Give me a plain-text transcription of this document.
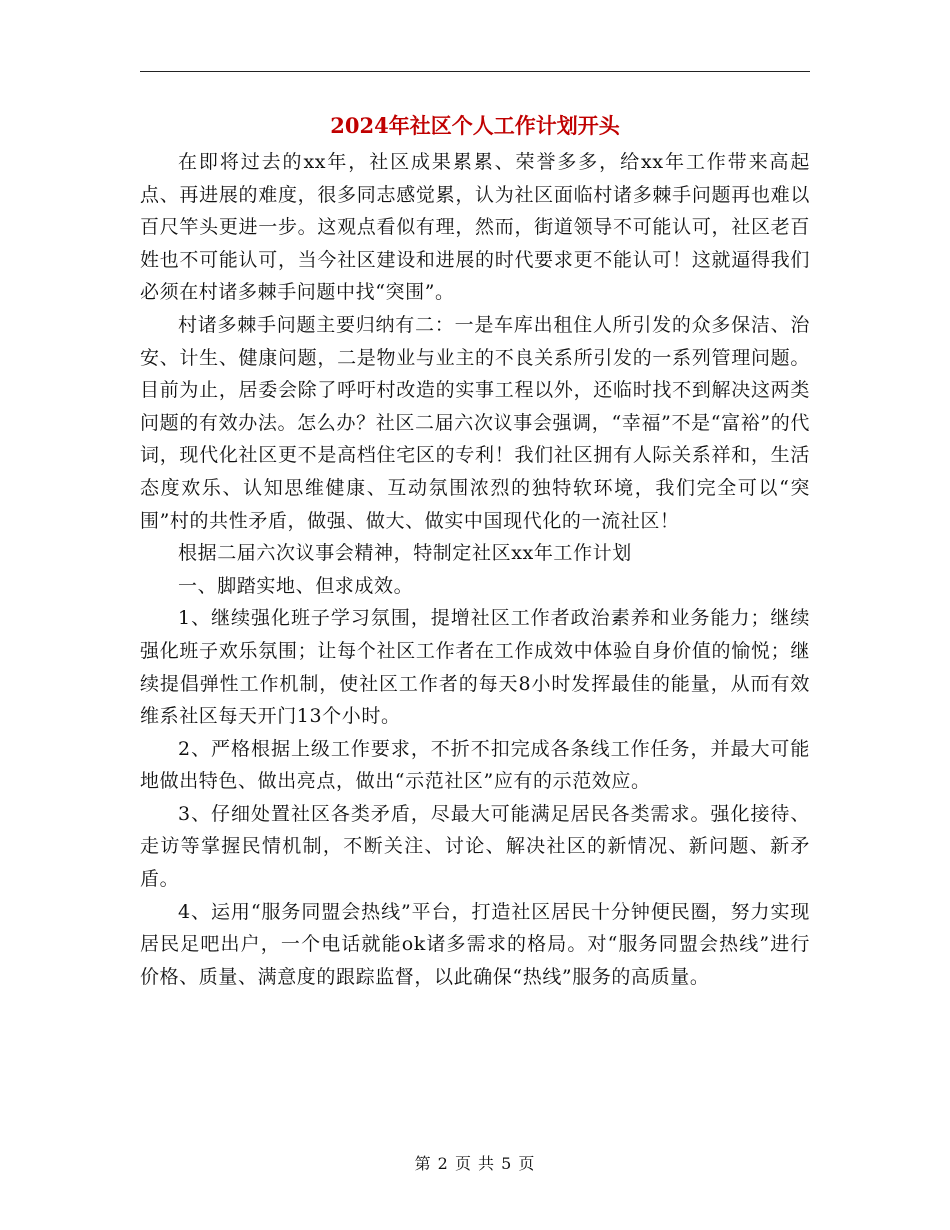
2024年社区个人工作计划开头

在即将过去的xx年，社区成果累累、荣誉多多，给xx年工作带来高起点、再进展的难度，很多同志感觉累，认为社区面临村诸多棘手问题再也难以百尺竿头更进一步。这观点看似有理，然而，街道领导不可能认可，社区老百姓也不可能认可，当今社区建设和进展的时代要求更不能认可！这就逼得我们必须在村诸多棘手问题中找“突围”。

村诸多棘手问题主要归纳有二：一是车库出租住人所引发的众多保洁、治安、计生、健康问题，二是物业与业主的不良关系所引发的一系列管理问题。目前为止，居委会除了呼吁村改造的实事工程以外，还临时找不到解决这两类问题的有效办法。怎么办？社区二届六次议事会强调，“幸福”不是“富裕”的代词，现代化社区更不是高档住宅区的专利！我们社区拥有人际关系祥和，生活态度欢乐、认知思维健康、互动氛围浓烈的独特软环境，我们完全可以“突围”村的共性矛盾，做强、做大、做实中国现代化的一流社区！

根据二届六次议事会精神，特制定社区xx年工作计划

一、脚踏实地、但求成效。

1、继续强化班子学习氛围，提增社区工作者政治素养和业务能力；继续强化班子欢乐氛围；让每个社区工作者在工作成效中体验自身价值的愉悦；继续提倡弹性工作机制，使社区工作者的每天8小时发挥最佳的能量，从而有效维系社区每天开门13个小时。

2、严格根据上级工作要求，不折不扣完成各条线工作任务，并最大可能地做出特色、做出亮点，做出“示范社区”应有的示范效应。

3、仔细处置社区各类矛盾，尽最大可能满足居民各类需求。强化接待、走访等掌握民情机制，不断关注、讨论、解决社区的新情况、新问题、新矛盾。

4、运用“服务同盟会热线”平台，打造社区居民十分钟便民圈，努力实现居民足吧出户，一个电话就能ok诸多需求的格局。对“服务同盟会热线”进行价格、质量、满意度的跟踪监督，以此确保“热线”服务的高质量。

第 2 页 共 5 页
